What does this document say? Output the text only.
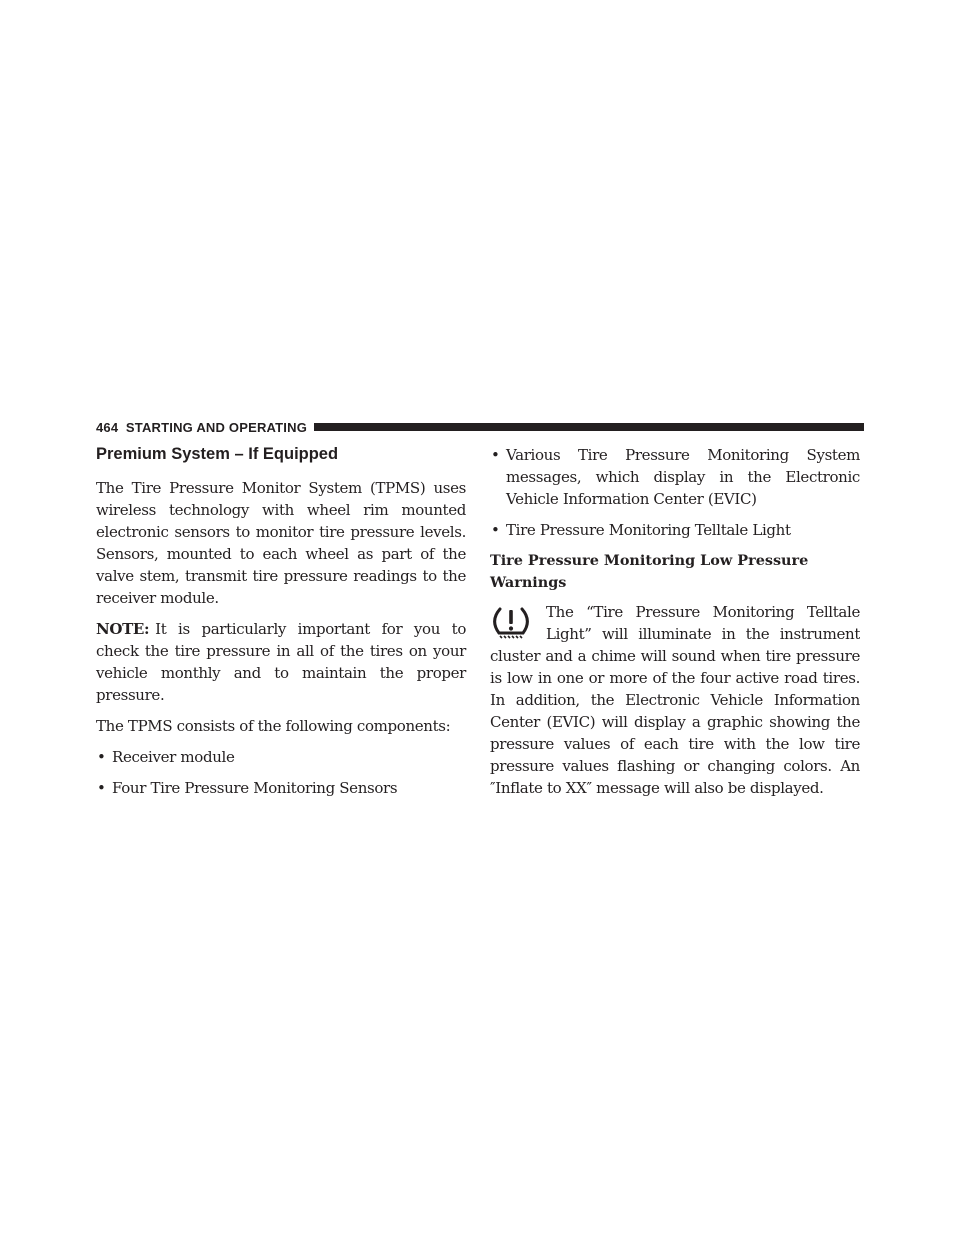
464 STARTING AND OPERATING
Premium System – If Equipped

The Tire Pressure Monitor System (TPMS) uses wireless technology with wheel rim mounted electronic sensors to monitor tire pressure levels. Sensors, mounted to each wheel as part of the valve stem, transmit tire pressure readings to the receiver module.

NOTE: It is particularly important for you to check the tire pressure in all of the tires on your vehicle monthly and to maintain the proper pressure.

The TPMS consists of the following components:

• Receiver module
• Four Tire Pressure Monitoring Sensors
• Various Tire Pressure Monitoring System messages, which display in the Electronic Vehicle Information Center (EVIC)
• Tire Pressure Monitoring Telltale Light
Tire Pressure Monitoring Low Pressure Warnings

The “Tire Pressure Monitoring Telltale Light” will illuminate in the instrument cluster and a chime will sound when tire pressure is low in one or more of the four active road tires. In addition, the Electronic Vehicle Information Center (EVIC) will display a graphic showing the pressure values of each tire with the low tire pressure values flashing or changing colors. An ″Inflate to XX″ message will also be displayed.
